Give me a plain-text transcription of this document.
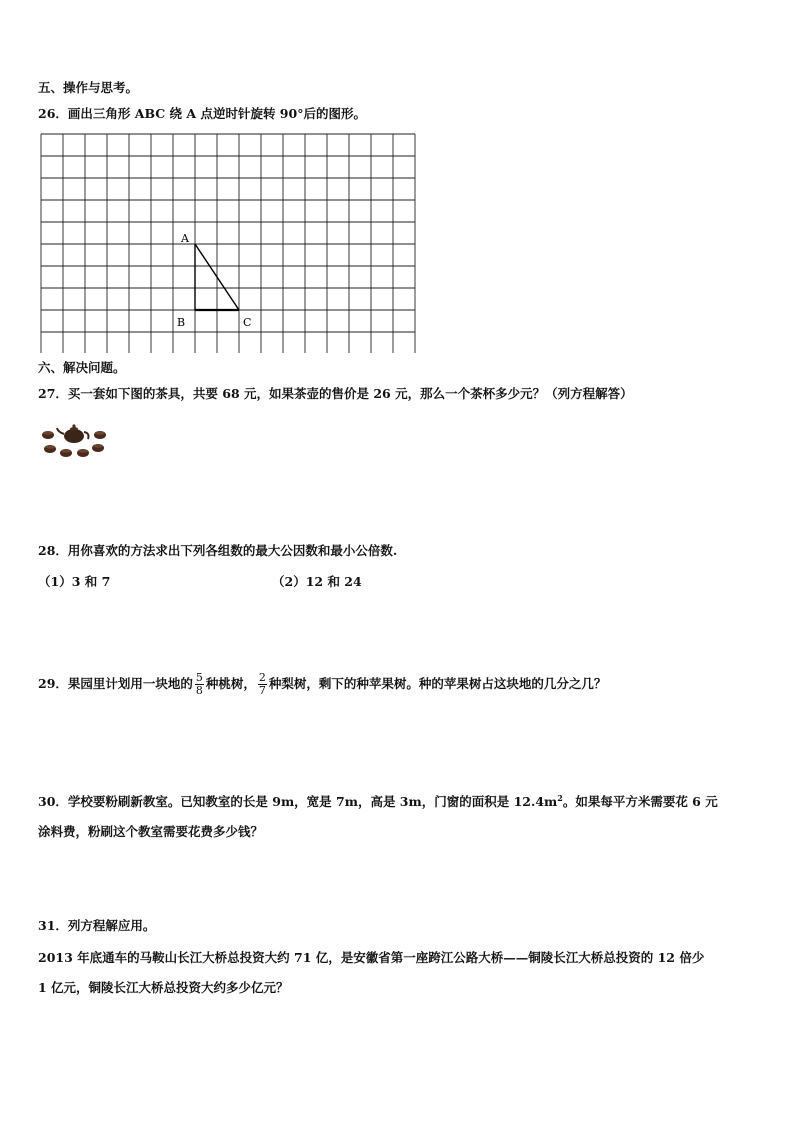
五、操作与思考。
26．画出三角形 ABC 绕 A 点逆时针旋转 90°后的图形。
A
B	C
六、解决问题。
27．买一套如下图的茶具，共要 68 元，如果茶壶的售价是 26 元，那么一个茶杯多少元？（列方程解答）
28．用你喜欢的方法求出下列各组数的最大公因数和最小公倍数.
（1）3 和 7	（2）12 和 24
29．果园里计划用一块地的 $\frac{5}{8}$ 种桃树， $\frac{2}{7}$ 种梨树，剩下的种苹果树。种的苹果树占这块地的几分之几？
30．学校要粉刷新教室。已知教室的长是 9m，宽是 7m，高是 3m，门窗的面积是 $12.4m^2$。如果每平方米需要花 6 元
涂料费，粉刷这个教室需要花费多少钱？
31．列方程解应用。
2013 年底通车的马鞍山长江大桥总投资大约 71 亿，是安徽省第一座跨江公路大桥——铜陵长江大桥总投资的 12 倍少
1 亿元，铜陵长江大桥总投资大约多少亿元？
